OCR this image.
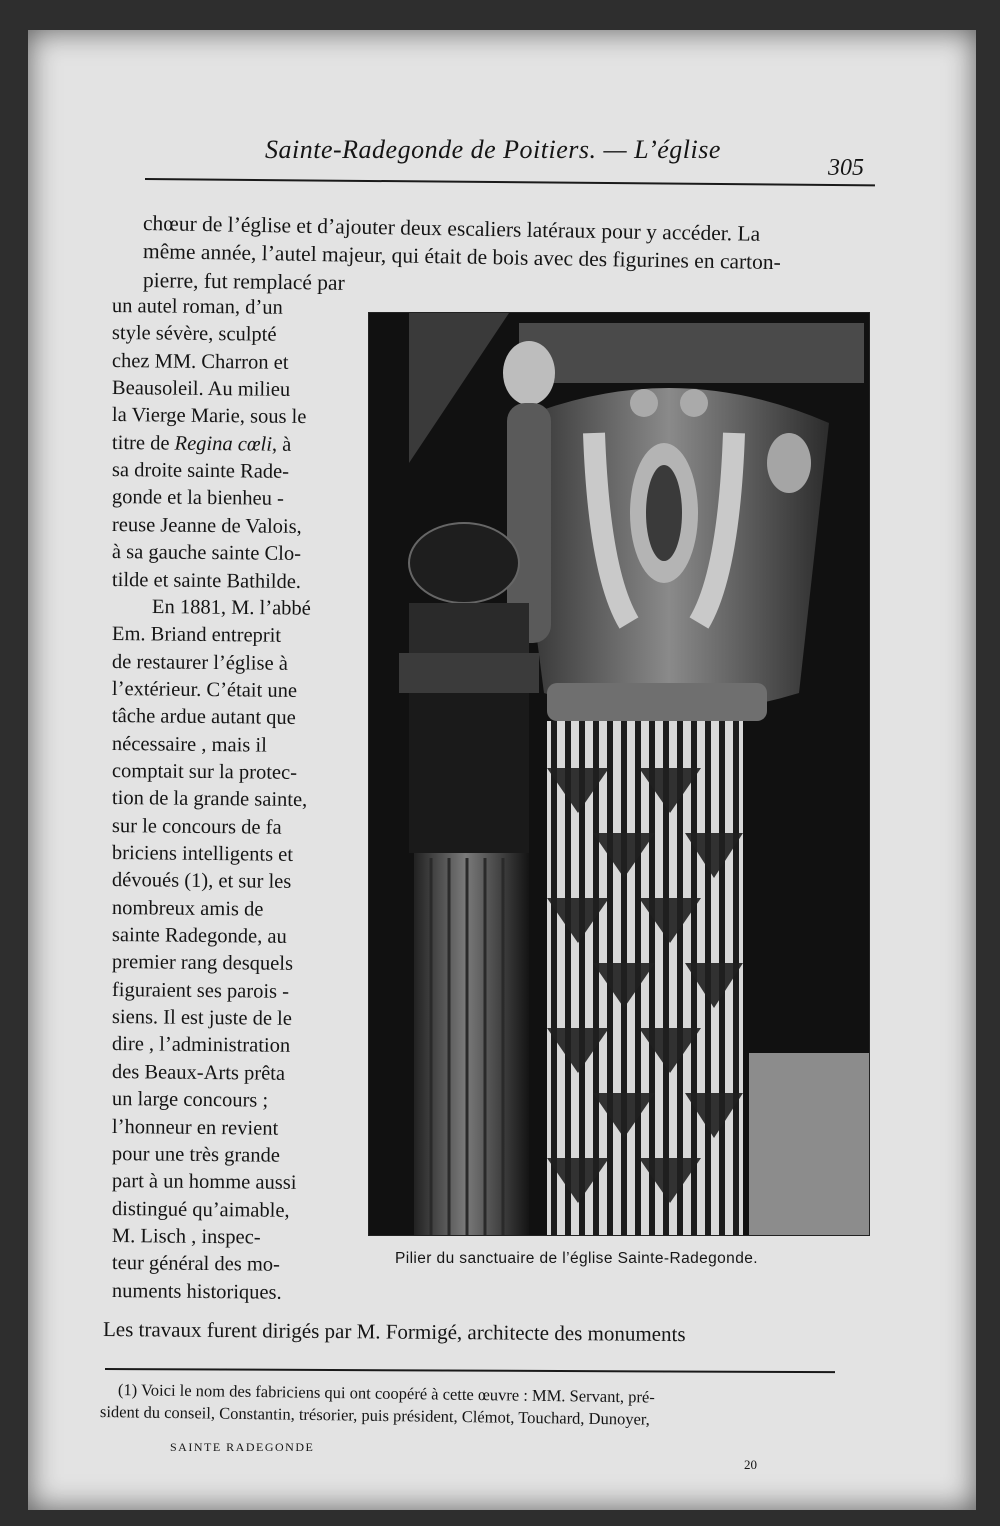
Sainte-Radegonde de Poitiers. — L’église
305
chœur de l’église et d’ajouter deux escaliers latéraux pour y accéder. La
même année, l’autel majeur, qui était de bois avec des figurines en carton-
pierre, fut remplacé par
un autel roman, d’un
style sévère, sculpté
chez MM. Charron et
Beausoleil. Au milieu
la Vierge Marie, sous le
titre de Regina cœli, à
sa droite sainte Rade-
gonde et la bienheu -
reuse Jeanne de Valois,
à sa gauche sainte Clo-
tilde et sainte Bathilde.
En 1881, M. l’abbé
Em. Briand entreprit
de restaurer l’église à
l’extérieur. C’était une
tâche ardue autant que
nécessaire , mais il
comptait sur la protec-
tion de la grande sainte,
sur le concours de fa
briciens intelligents et
dévoués (1), et sur les
nombreux amis de
sainte Radegonde, au
premier rang desquels
figuraient ses parois -
siens. Il est juste de le
dire , l’administration
des Beaux-Arts prêta
un large concours ;
l’honneur en revient
pour une très grande
part à un homme aussi
distingué qu’aimable,
M. Lisch , inspec-
teur général des mo-
numents historiques.
Pilier du sanctuaire de l’église Sainte-Radegonde.
Les travaux furent dirigés par M. Formigé, architecte des monuments
(1) Voici le nom des fabriciens qui ont coopéré à cette œuvre : MM. Servant, pré-
sident du conseil, Constantin, trésorier, puis président, Clémot, Touchard, Dunoyer,
SAINTE RADEGONDE
20
